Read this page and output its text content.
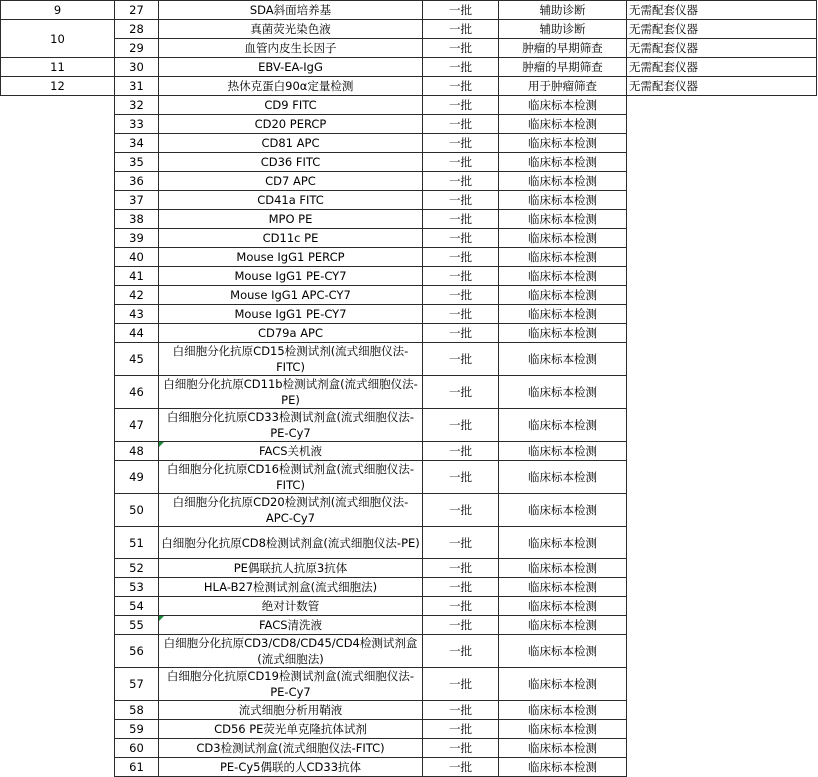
9	27	SDA斜面培养基	一批	辅助诊断	无需配套仪器
10	28	真菌荧光染色液	一批	辅助诊断	无需配套仪器
	29	血管内皮生长因子	一批	肿瘤的早期筛查	无需配套仪器
11	30	EBV-EA-IgG	一批	肿瘤的早期筛查	无需配套仪器
12	31	热休克蛋白90α定量检测	一批	用于肿瘤筛查	无需配套仪器
	32	CD9 FITC	一批	临床标本检测	
	33	CD20 PERCP	一批	临床标本检测	
	34	CD81 APC	一批	临床标本检测	
	35	CD36 FITC	一批	临床标本检测	
	36	CD7 APC	一批	临床标本检测	
	37	CD41a FITC	一批	临床标本检测	
	38	MPO PE	一批	临床标本检测	
	39	CD11c PE	一批	临床标本检测	
	40	Mouse IgG1 PERCP	一批	临床标本检测	
	41	Mouse IgG1 PE-CY7	一批	临床标本检测	
	42	Mouse IgG1 APC-CY7	一批	临床标本检测	
	43	Mouse IgG1 PE-CY7	一批	临床标本检测	
	44	CD79a APC	一批	临床标本检测	
	45	白细胞分化抗原CD15检测试剂(流式细胞仪法-FITC)	一批	临床标本检测	
	46	白细胞分化抗原CD11b检测试剂盒(流式细胞仪法-PE)	一批	临床标本检测	
	47	白细胞分化抗原CD33检测试剂盒(流式细胞仪法-PE-Cy7	一批	临床标本检测	
	48	FACS关机液	一批	临床标本检测	
	49	白细胞分化抗原CD16检测试剂盒(流式细胞仪法-FITC)	一批	临床标本检测	
	50	白细胞分化抗原CD20检测试剂(流式细胞仪法-APC-Cy7	一批	临床标本检测	
	51	白细胞分化抗原CD8检测试剂盒(流式细胞仪法-PE)	一批	临床标本检测	
	52	PE偶联抗人抗原3抗体	一批	临床标本检测	
	53	HLA-B27检测试剂盒(流式细胞法)	一批	临床标本检测	
	54	绝对计数管	一批	临床标本检测	
	55	FACS清洗液	一批	临床标本检测	
	56	白细胞分化抗原CD3/CD8/CD45/CD4检测试剂盒(流式细胞法)	一批	临床标本检测	
	57	白细胞分化抗原CD19检测试剂盒(流式细胞仪法-PE-Cy7	一批	临床标本检测	
	58	流式细胞分析用鞘液	一批	临床标本检测	
	59	CD56 PE荧光单克隆抗体试剂	一批	临床标本检测	
	60	CD3检测试剂盒(流式细胞仪法-FITC)	一批	临床标本检测	
	61	PE-Cy5偶联的人CD33抗体	一批	临床标本检测	
